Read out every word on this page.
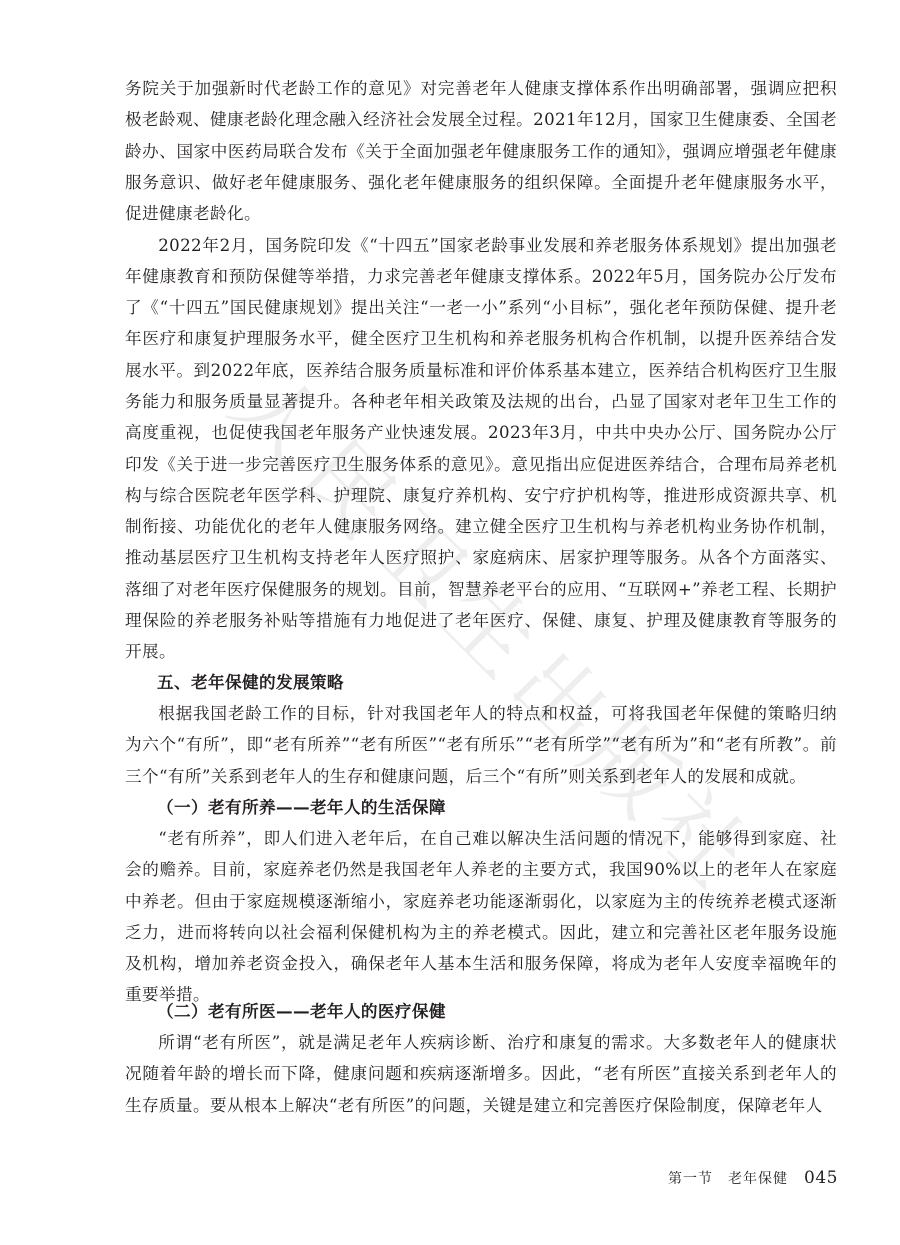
人
民
卫
生
出
版
社

务院关于加强新时代老龄工作的意见》对完善老年人健康支撑体系作出明确部署，强调应把积极老龄观、健康老龄化理念融入经济社会发展全过程。2021年12月，国家卫生健康委、全国老龄办、国家中医药局联合发布《关于全面加强老年健康服务工作的通知》，强调应增强老年健康服务意识、做好老年健康服务、强化老年健康服务的组织保障。全面提升老年健康服务水平，促进健康老龄化。

2022年2月，国务院印发《“十四五”国家老龄事业发展和养老服务体系规划》提出加强老年健康教育和预防保健等举措，力求完善老年健康支撑体系。2022年5月，国务院办公厅发布了《“十四五”国民健康规划》提出关注“一老一小”系列“小目标”，强化老年预防保健、提升老年医疗和康复护理服务水平，健全医疗卫生机构和养老服务机构合作机制，以提升医养结合发展水平。到2022年底，医养结合服务质量标准和评价体系基本建立，医养结合机构医疗卫生服务能力和服务质量显著提升。各种老年相关政策及法规的出台，凸显了国家对老年卫生工作的高度重视，也促使我国老年服务产业快速发展。2023年3月，中共中央办公厅、国务院办公厅印发《关于进一步完善医疗卫生服务体系的意见》。意见指出应促进医养结合，合理布局养老机构与综合医院老年医学科、护理院、康复疗养机构、安宁疗护机构等，推进形成资源共享、机制衔接、功能优化的老年人健康服务网络。建立健全医疗卫生机构与养老机构业务协作机制，推动基层医疗卫生机构支持老年人医疗照护、家庭病床、居家护理等服务。从各个方面落实、落细了对老年医疗保健服务的规划。目前，智慧养老平台的应用、“互联网+”养老工程、长期护理保险的养老服务补贴等措施有力地促进了老年医疗、保健、康复、护理及健康教育等服务的开展。

五、老年保健的发展策略

根据我国老龄工作的目标，针对我国老年人的特点和权益，可将我国老年保健的策略归纳为六个“有所”，即“老有所养”“老有所医”“老有所乐”“老有所学”“老有所为”和“老有所教”。前三个“有所”关系到老年人的生存和健康问题，后三个“有所”则关系到老年人的发展和成就。

（一）老有所养——老年人的生活保障

“老有所养”，即人们进入老年后，在自己难以解决生活问题的情况下，能够得到家庭、社会的赡养。目前，家庭养老仍然是我国老年人养老的主要方式，我国90%以上的老年人在家庭中养老。但由于家庭规模逐渐缩小，家庭养老功能逐渐弱化，以家庭为主的传统养老模式逐渐乏力，进而将转向以社会福利保健机构为主的养老模式。因此，建立和完善社区老年服务设施及机构，增加养老资金投入，确保老年人基本生活和服务保障，将成为老年人安度幸福晚年的重要举措。

（二）老有所医——老年人的医疗保健

所谓“老有所医”，就是满足老年人疾病诊断、治疗和康复的需求。大多数老年人的健康状况随着年龄的增长而下降，健康问题和疾病逐渐增多。因此，“老有所医”直接关系到老年人的生存质量。要从根本上解决“老有所医”的问题，关键是建立和完善医疗保险制度，保障老年人

第一节　老年保健 045
